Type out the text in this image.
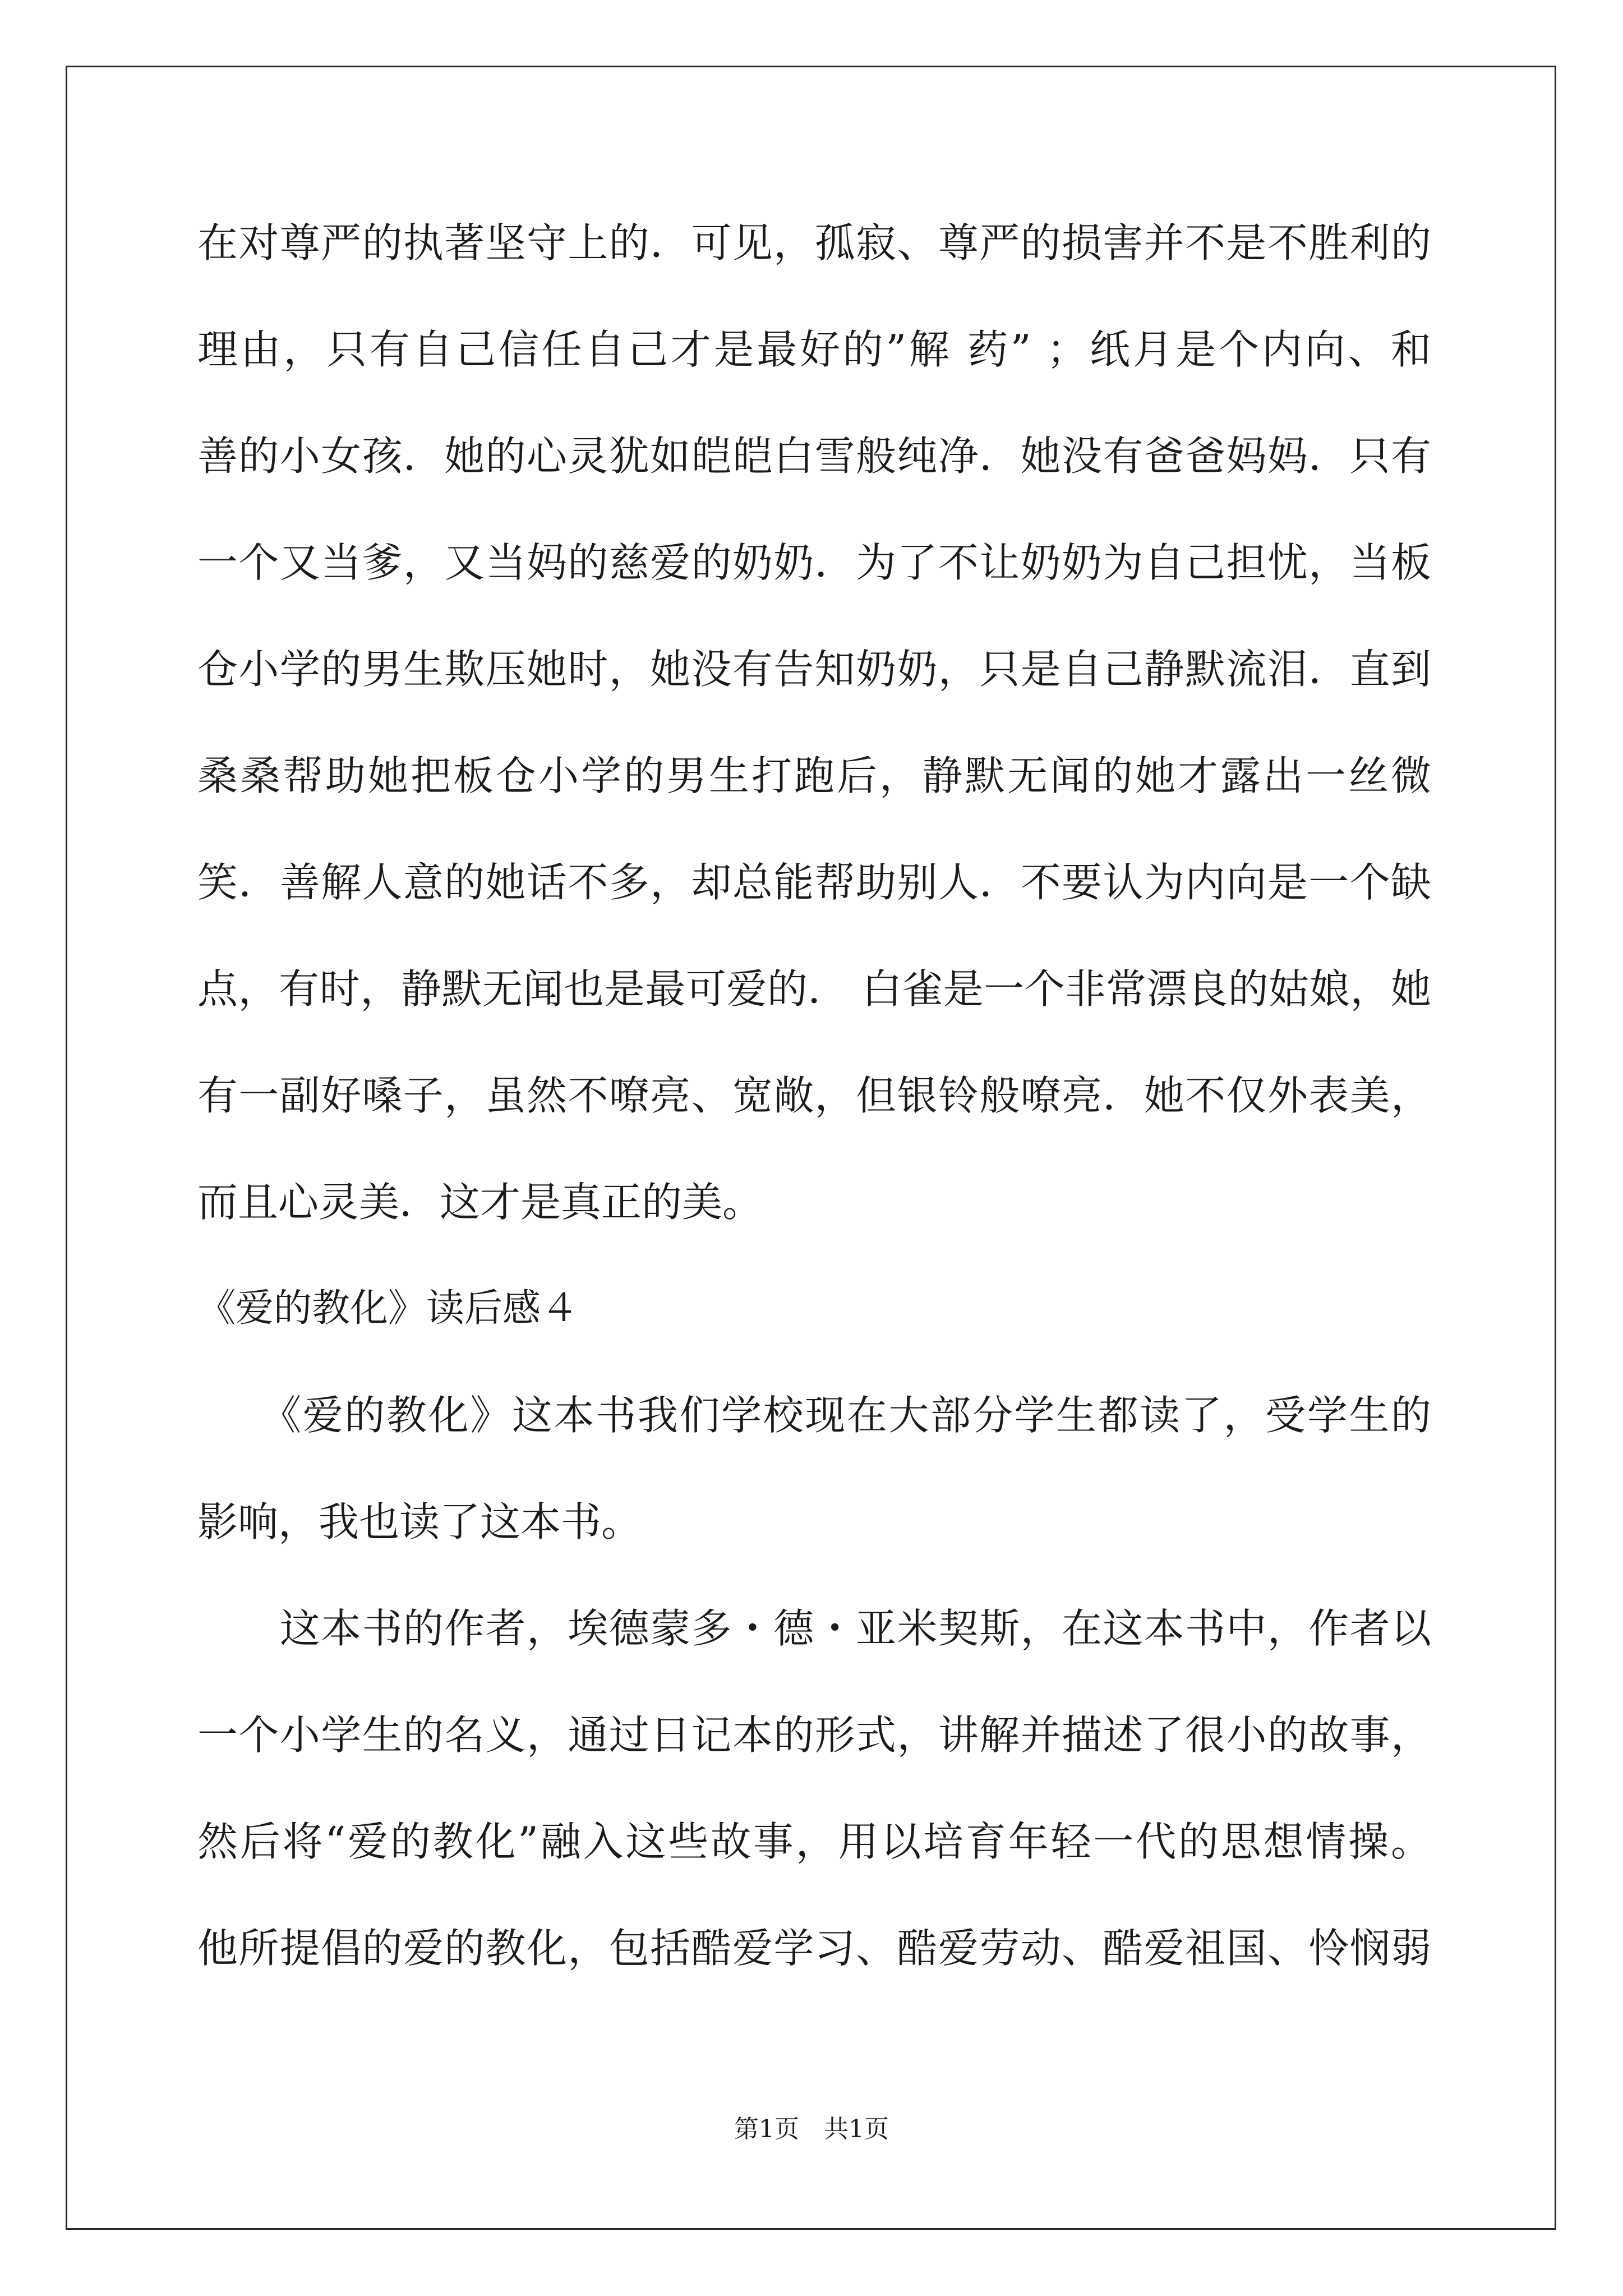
在对尊严的执著坚守上的．可见，孤寂、尊严的损害并不是不胜利的
理由，只有自己信任自己才是最好的”解 药” ；纸月是个内向、和
善的小女孩．她的心灵犹如皑皑白雪般纯净．她没有爸爸妈妈．只有
一个又当爹，又当妈的慈爱的奶奶．为了不让奶奶为自己担忧，当板
仓小学的男生欺压她时，她没有告知奶奶，只是自己静默流泪．直到
桑桑帮助她把板仓小学的男生打跑后，静默无闻的她才露出一丝微
笑．善解人意的她话不多，却总能帮助别人．不要认为内向是一个缺
点，有时，静默无闻也是最可爱的． 白雀是一个非常漂良的姑娘，她
有一副好嗓子，虽然不嘹亮、宽敞，但银铃般嘹亮．她不仅外表美，
而且心灵美．这才是真正的美。
《爱的教化》读后感４
　　《爱的教化》这本书我们学校现在大部分学生都读了，受学生的
影响，我也读了这本书。
　　这本书的作者，埃德蒙多・德・亚米契斯，在这本书中，作者以
一个小学生的名义，通过日记本的形式，讲解并描述了很小的故事，
然后将“爱的教化”融入这些故事，用以培育年轻一代的思想情操。
他所提倡的爱的教化，包括酷爱学习、酷爱劳动、酷爱祖国、怜悯弱
第1页　共1页
